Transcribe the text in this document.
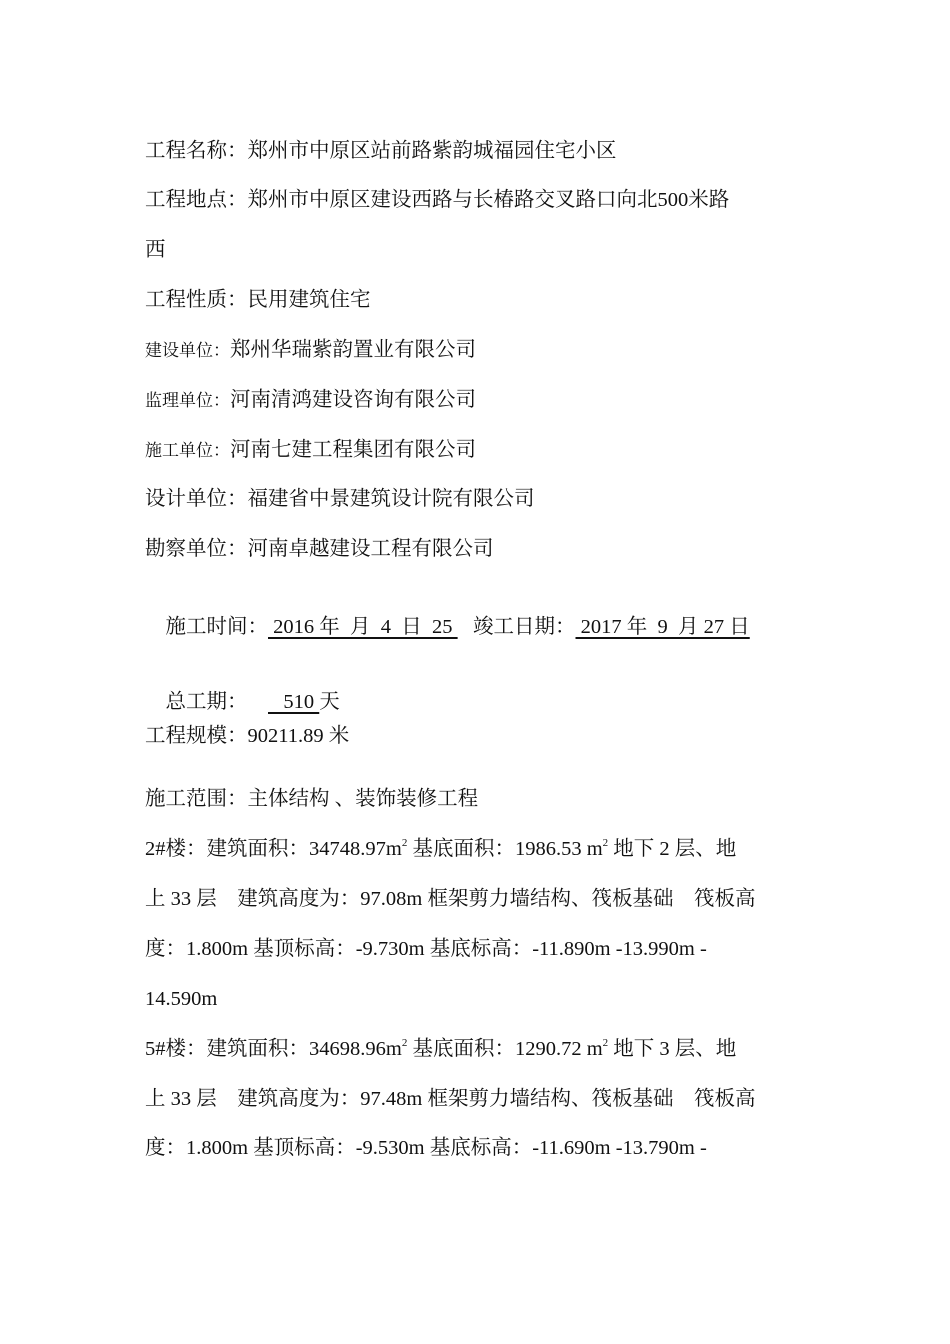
工程名称：郑州市中原区站前路紫韵城福园住宅小区
工程地点：郑州市中原区建设西路与长椿路交叉路口向北500米路
西
工程性质：民用建筑住宅
建设单位：郑州华瑞紫韵置业有限公司
监理单位：河南清鸿建设咨询有限公司
施工单位：河南七建工程集团有限公司
设计单位：福建省中景建筑设计院有限公司
勘察单位：河南卓越建设工程有限公司

施工时间： 2016 年  月  4  日  25    竣工日期： 2017 年  9  月 27 日

总工期：       510 天

工程规模：90211.89 米
施工范围：主体结构 、装饰装修工程
2#楼：建筑面积：$34748.97m^2$ 基底面积：1986.53 $m^2$ 地下 2 层、地
上 33 层　建筑高度为：97.08m 框架剪力墙结构、筏板基础　筏板高
度：1.800m 基顶标高：-9.730m 基底标高：-11.890m -13.990m -
14.590m
5#楼：建筑面积：$34698.96m^2$ 基底面积：1290.72 $m^2$ 地下 3 层、地
上 33 层　建筑高度为：97.48m 框架剪力墙结构、筏板基础　筏板高
度：1.800m 基顶标高：-9.530m 基底标高：-11.690m -13.790m -
